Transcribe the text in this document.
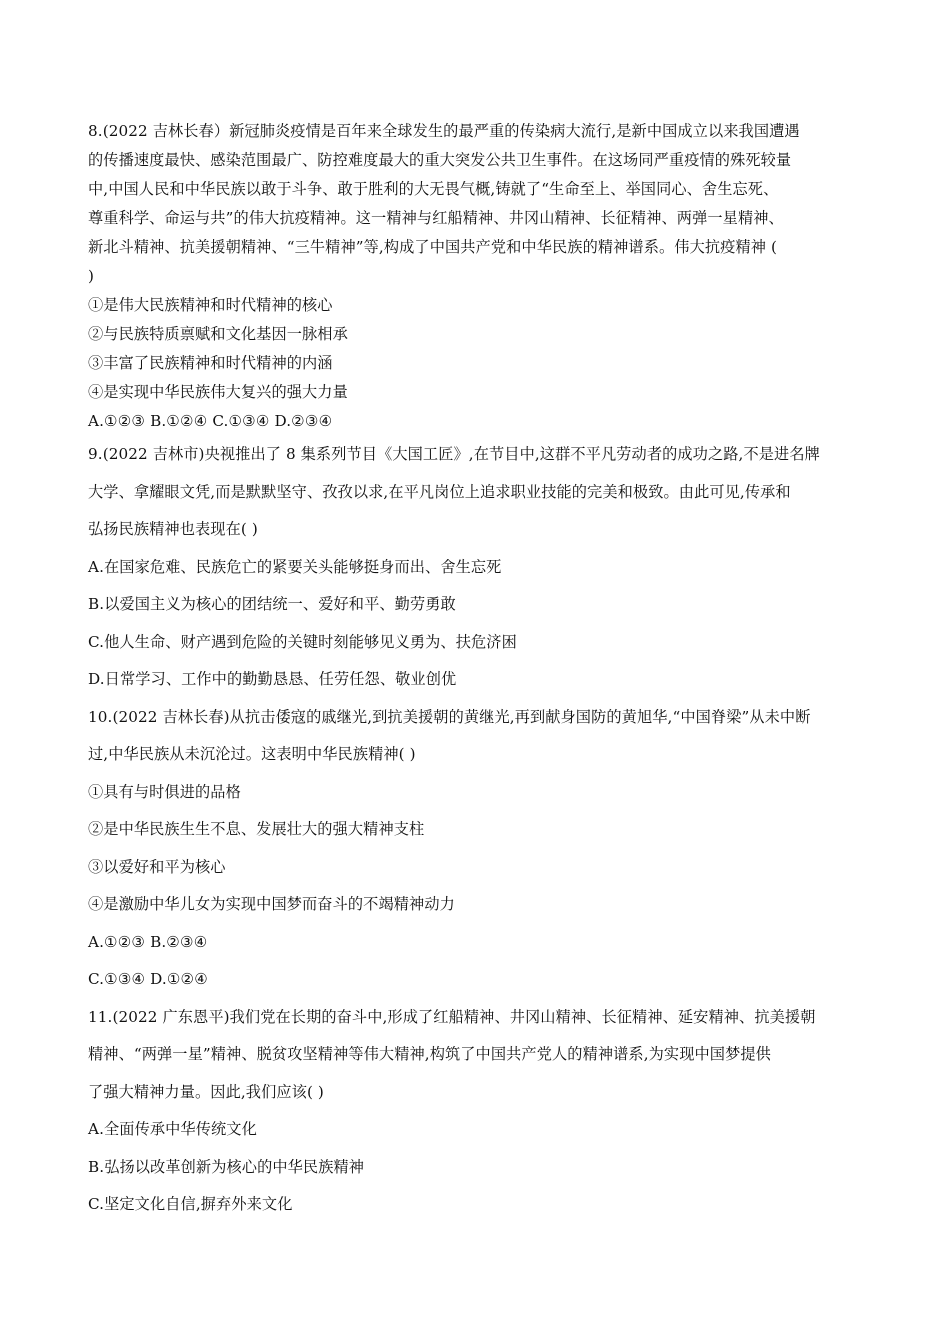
8.(2022 吉林长春）新冠肺炎疫情是百年来全球发生的最严重的传染病大流行,是新中国成立以来我国遭遇
的传播速度最快、感染范围最广、防控难度最大的重大突发公共卫生事件。在这场同严重疫情的殊死较量
中,中国人民和中华民族以敢于斗争、敢于胜利的大无畏气概,铸就了“生命至上、举国同心、舍生忘死、
尊重科学、命运与共”的伟大抗疫精神。这一精神与红船精神、井冈山精神、长征精神、两弹一星精神、
新北斗精神、抗美援朝精神、“三牛精神”等,构成了中国共产党和中华民族的精神谱系。伟大抗疫精神 (
)
①是伟大民族精神和时代精神的核心
②与民族特质禀赋和文化基因一脉相承
③丰富了民族精神和时代精神的内涵
④是实现中华民族伟大复兴的强大力量
A.①②③ B.①②④ C.①③④ D.②③④
9.(2022 吉林市)央视推出了 8 集系列节目《大国工匠》,在节目中,这群不平凡劳动者的成功之路,不是进名牌
大学、拿耀眼文凭,而是默默坚守、孜孜以求,在平凡岗位上追求职业技能的完美和极致。由此可见,传承和
弘扬民族精神也表现在( )
A.在国家危难、民族危亡的紧要关头能够挺身而出、舍生忘死
B.以爱国主义为核心的团结统一、爱好和平、勤劳勇敢
C.他人生命、财产遇到危险的关键时刻能够见义勇为、扶危济困
D.日常学习、工作中的勤勤恳恳、任劳任怨、敬业创优
10.(2022 吉林长春)从抗击倭寇的戚继光,到抗美援朝的黄继光,再到献身国防的黄旭华,“中国脊梁”从未中断
过,中华民族从未沉沦过。这表明中华民族精神( )
①具有与时俱进的品格
②是中华民族生生不息、发展壮大的强大精神支柱
③以爱好和平为核心
④是激励中华儿女为实现中国梦而奋斗的不竭精神动力
A.①②③ B.②③④
C.①③④ D.①②④
11.(2022 广东恩平)我们党在长期的奋斗中,形成了红船精神、井冈山精神、长征精神、延安精神、抗美援朝
精神、“两弹一星”精神、脱贫攻坚精神等伟大精神,构筑了中国共产党人的精神谱系,为实现中国梦提供
了强大精神力量。因此,我们应该( )
A.全面传承中华传统文化
B.弘扬以改革创新为核心的中华民族精神
C.坚定文化自信,摒弃外来文化
